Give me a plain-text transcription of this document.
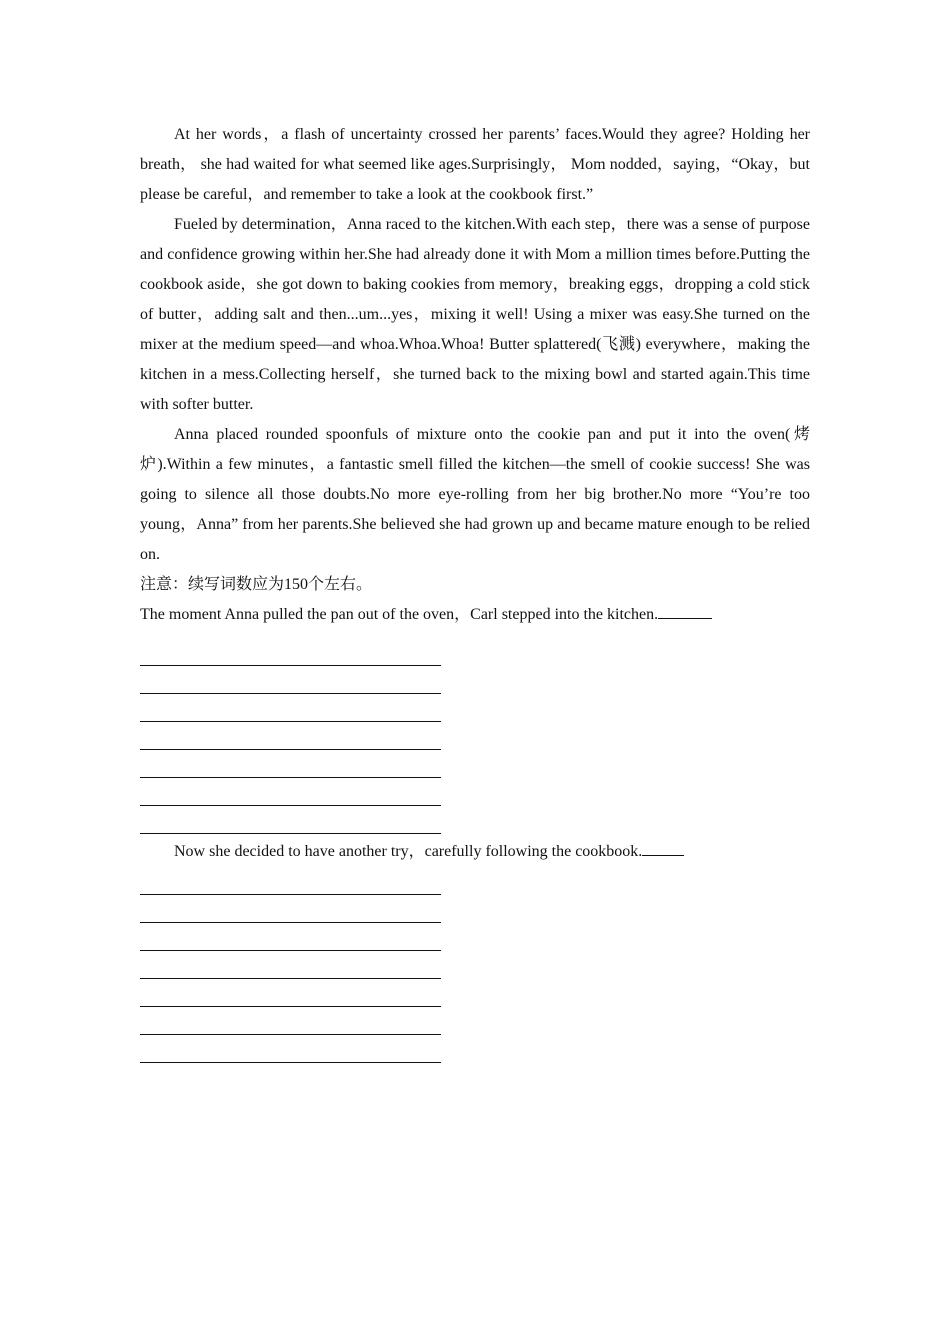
At her words，a flash of uncertainty crossed her parents’ faces.Would they agree? Holding her breath， she had waited for what seemed like ages.Surprisingly， Mom nodded，saying，“Okay，but please be careful，and remember to take a look at the cookbook first.”

Fueled by determination，Anna raced to the kitchen.With each step，there was a sense of purpose and confidence growing within her.She had already done it with Mom a million times before.Putting the cookbook aside，she got down to baking cookies from memory，breaking eggs，dropping a cold stick of butter，adding salt and then...um...yes，mixing it well! Using a mixer was easy.She turned on the mixer at the medium speed—and whoa.Whoa.Whoa! Butter splattered(飞溅) everywhere，making the kitchen in a mess.Collecting herself，she turned back to the mixing bowl and started again.This time with softer butter.

Anna placed rounded spoonfuls of mixture onto the cookie pan and put it into the oven(烤炉).Within a few minutes，a fantastic smell filled the kitchen—the smell of cookie success! She was going to silence all those doubts.No more eye-rolling from her big brother.No more “You’re too young，Anna” from her parents.She believed she had grown up and became mature enough to be relied on.

注意：续写词数应为150个左右。

The moment Anna pulled the pan out of the oven，Carl stepped into the kitchen.

Now she decided to have another try，carefully following the cookbook.
